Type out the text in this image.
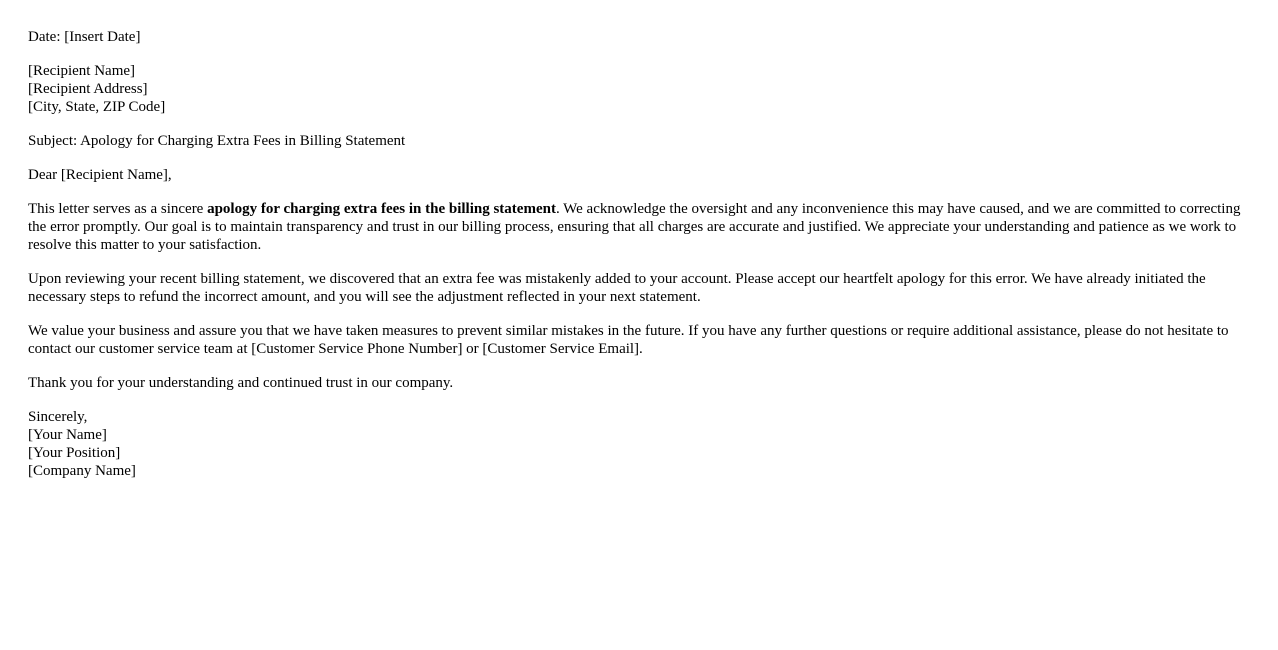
Date: [Insert Date]

[Recipient Name]
[Recipient Address]
[City, State, ZIP Code]

Subject: Apology for Charging Extra Fees in Billing Statement

Dear [Recipient Name],

This letter serves as a sincere apology for charging extra fees in the billing statement. We acknowledge the oversight and any inconvenience this may have caused, and we are committed to correcting the error promptly. Our goal is to maintain transparency and trust in our billing process, ensuring that all charges are accurate and justified. We appreciate your understanding and patience as we work to resolve this matter to your satisfaction.

Upon reviewing your recent billing statement, we discovered that an extra fee was mistakenly added to your account. Please accept our heartfelt apology for this error. We have already initiated the necessary steps to refund the incorrect amount, and you will see the adjustment reflected in your next statement.

We value your business and assure you that we have taken measures to prevent similar mistakes in the future. If you have any further questions or require additional assistance, please do not hesitate to contact our customer service team at [Customer Service Phone Number] or [Customer Service Email].

Thank you for your understanding and continued trust in our company.

Sincerely,
[Your Name]
[Your Position]
[Company Name]
